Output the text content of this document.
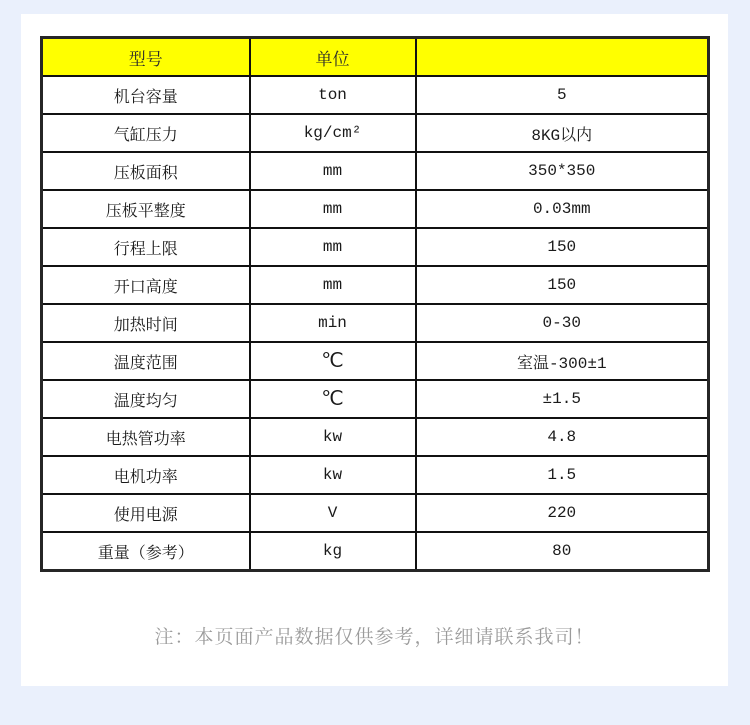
型号	单位	
机台容量	ton	5
气缸压力	kg/cm²	8KG以内
压板面积	mm	350*350
压板平整度	mm	0.03mm
行程上限	mm	150
开口高度	mm	150
加热时间	min	0-30
温度范围	℃	室温-300±1
温度均匀	℃	±1.5
电热管功率	kw	4.8
电机功率	kw	1.5
使用电源	V	220
重量（参考）	kg	80
注：本页面产品数据仅供参考，详细请联系我司！
